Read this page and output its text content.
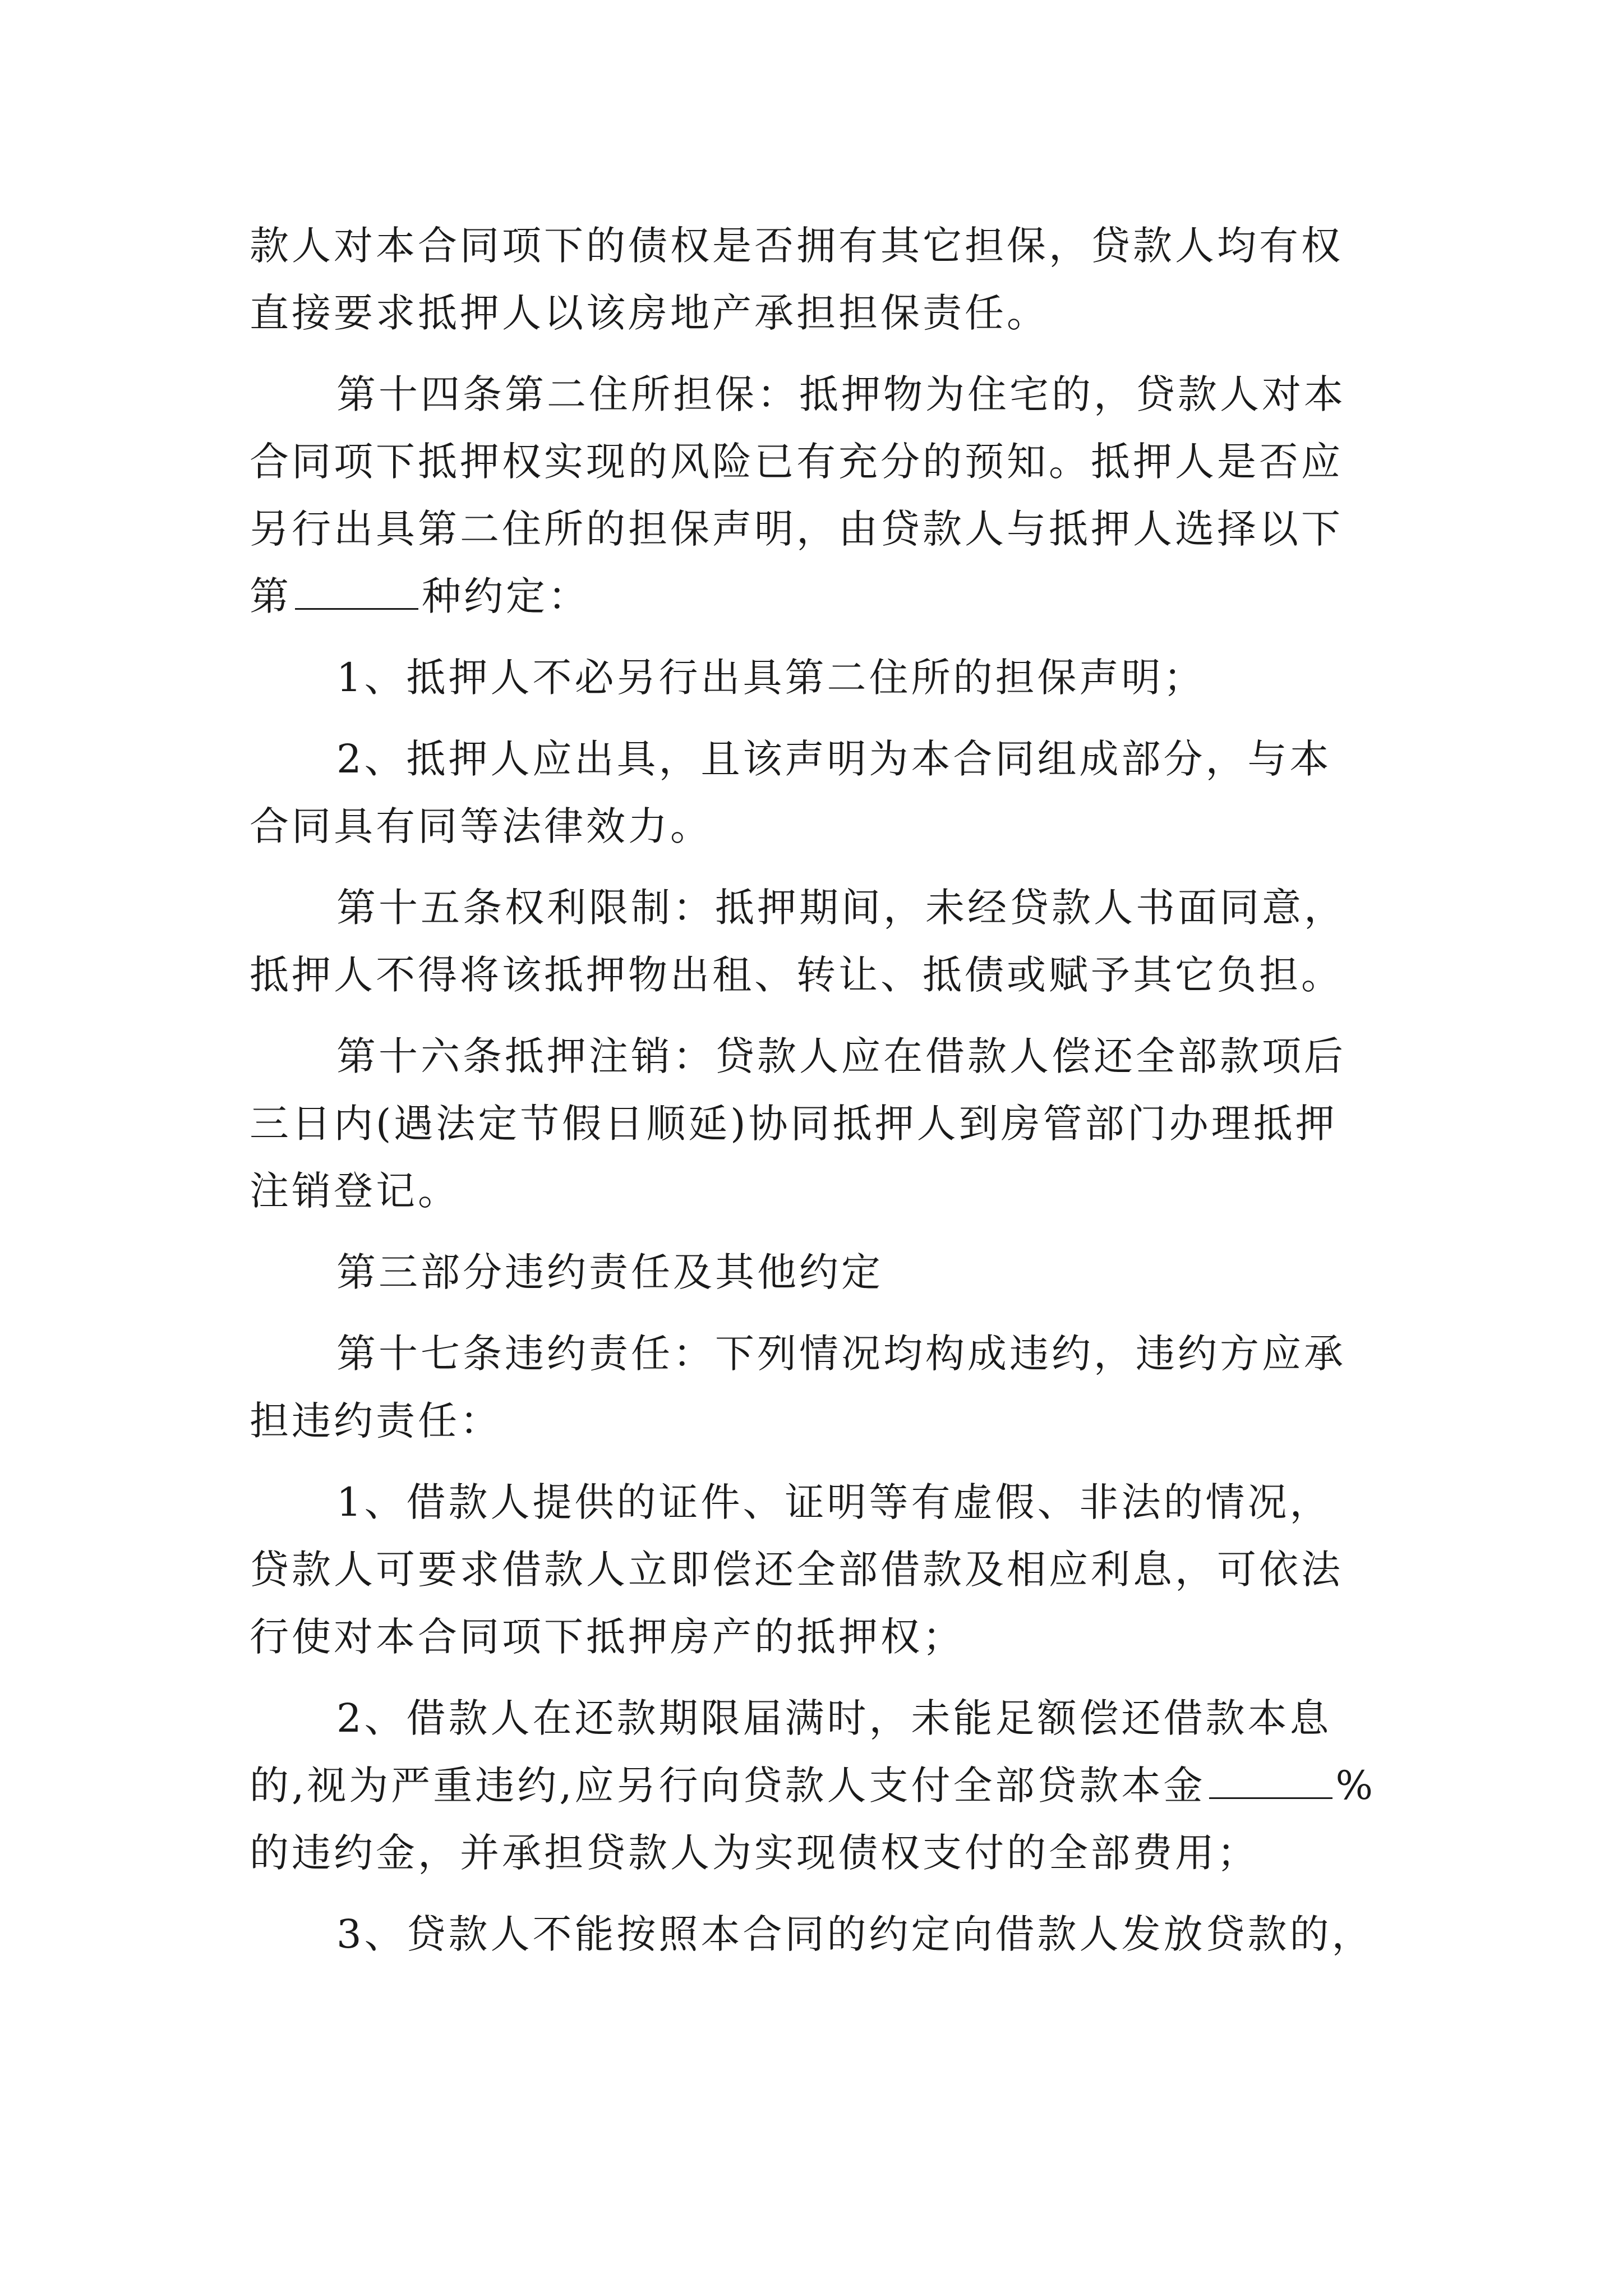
款人对本合同项下的债权是否拥有其它担保，贷款人均有权
直接要求抵押人以该房地产承担担保责任。
第十四条第二住所担保：抵押物为住宅的，贷款人对本
合同项下抵押权实现的风险已有充分的预知。抵押人是否应
另行出具第二住所的担保声明，由贷款人与抵押人选择以下
第	种约定：
1、抵押人不必另行出具第二住所的担保声明；
2、抵押人应出具，且该声明为本合同组成部分，与本
合同具有同等法律效力。
第十五条权利限制：抵押期间，未经贷款人书面同意，
抵押人不得将该抵押物出租、转让、抵债或赋予其它负担。
第十六条抵押注销：贷款人应在借款人偿还全部款项后
三日内(遇法定节假日顺延)协同抵押人到房管部门办理抵押
注销登记。
第三部分违约责任及其他约定
第十七条违约责任：下列情况均构成违约，违约方应承
担违约责任：
1、借款人提供的证件、证明等有虚假、非法的情况，
贷款人可要求借款人立即偿还全部借款及相应利息，可依法
行使对本合同项下抵押房产的抵押权；
2、借款人在还款期限届满时，未能足额偿还借款本息
的,视为严重违约,应另行向贷款人支付全部贷款本金	%
的违约金，并承担贷款人为实现债权支付的全部费用；
3、贷款人不能按照本合同的约定向借款人发放贷款的，
